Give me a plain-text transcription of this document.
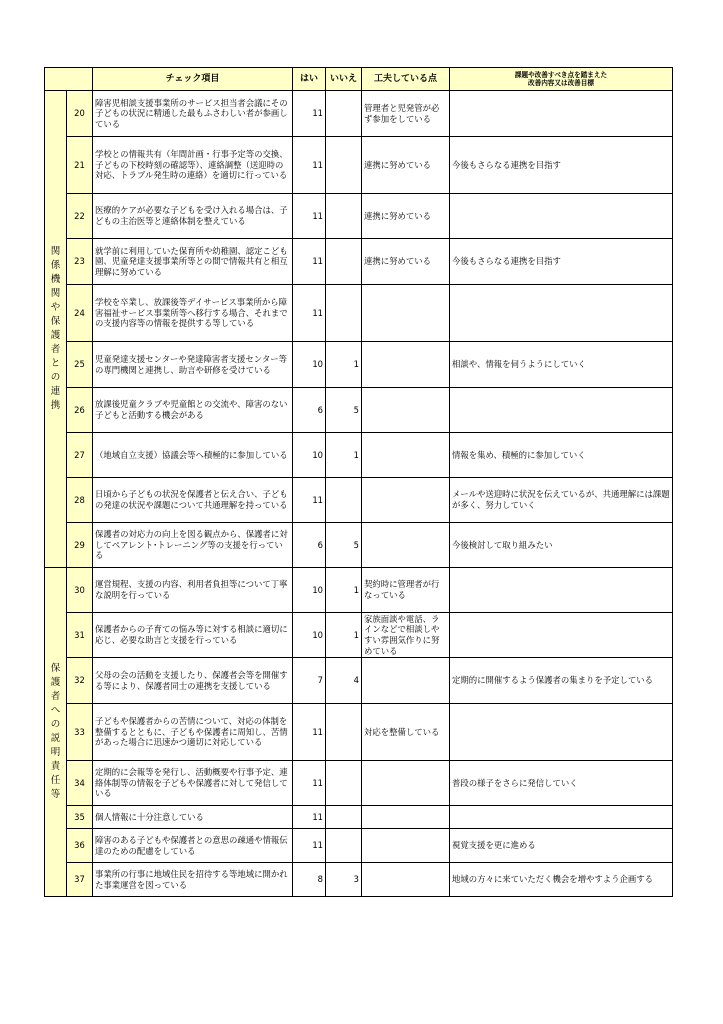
		チェック項目	はい	いいえ	工夫している点	課題や改善すべき点を踏まえた
改善内容又は改善目標

関係機関や保護者との連携	20	障害児相談支援事業所のサービス担当者会議にその子どもの状況に精通した最もふさわしい者が参画している	11		管理者と児発管が必ず参加をしている	
	21	学校との情報共有（年間計画・行事予定等の交換、子どもの下校時刻の確認等）、連絡調整（送迎時の対応、トラブル発生時の連絡）を適切に行っている	11		連携に努めている	今後もさらなる連携を目指す
	22	医療的ケアが必要な子どもを受け入れる場合は、子どもの主治医等と連絡体制を整えている	11		連携に努めている	
	23	就学前に利用していた保育所や幼稚園、認定こども園、児童発達支援事業所等との間で情報共有と相互理解に努めている	11		連携に努めている	今後もさらなる連携を目指す
	24	学校を卒業し、放課後等デイサービス事業所から障害福祉サービス事業所等へ移行する場合、それまでの支援内容等の情報を提供する等している	11			
	25	児童発達支援センターや発達障害者支援センター等の専門機関と連携し、助言や研修を受けている	10	1		相談や、情報を伺うようにしていく
	26	放課後児童クラブや児童館との交流や、障害のない子どもと活動する機会がある	6	5		
	27	（地域自立支援）協議会等へ積極的に参加している	10	1		情報を集め、積極的に参加していく
	28	日頃から子どもの状況を保護者と伝え合い、子どもの発達の状況や課題について共通理解を持っている	11			メールや送迎時に状況を伝えているが、共通理解には課題が多く、努力していく
	29	保護者の対応力の向上を図る観点から、保護者に対してペアレント･トレーニング等の支援を行っている	6	5		今後検討して取り組みたい
保護者への説明責任等	30	運営規程、支援の内容、利用者負担等について丁寧な説明を行っている	10	1	契約時に管理者が行なっている	
	31	保護者からの子育ての悩み等に対する相談に適切に応じ、必要な助言と支援を行っている	10	1	家族面談や電話、ラインなどで相談しやすい雰囲気作りに努めている	
	32	父母の会の活動を支援したり、保護者会等を開催する等により、保護者同士の連携を支援している	7	4		定期的に開催するよう保護者の集まりを予定している
	33	子どもや保護者からの苦情について、対応の体制を整備するとともに、子どもや保護者に周知し、苦情があった場合に迅速かつ適切に対応している	11		対応を整備している	
	34	定期的に会報等を発行し、活動概要や行事予定、連絡体制等の情報を子どもや保護者に対して発信している	11			普段の様子をさらに発信していく
	35	個人情報に十分注意している	11			
	36	障害のある子どもや保護者との意思の疎通や情報伝達のための配慮をしている	11			視覚支援を更に進める
	37	事業所の行事に地域住民を招待する等地域に開かれた事業運営を図っている	8	3		地域の方々に来ていただく機会を増やすよう企画する
